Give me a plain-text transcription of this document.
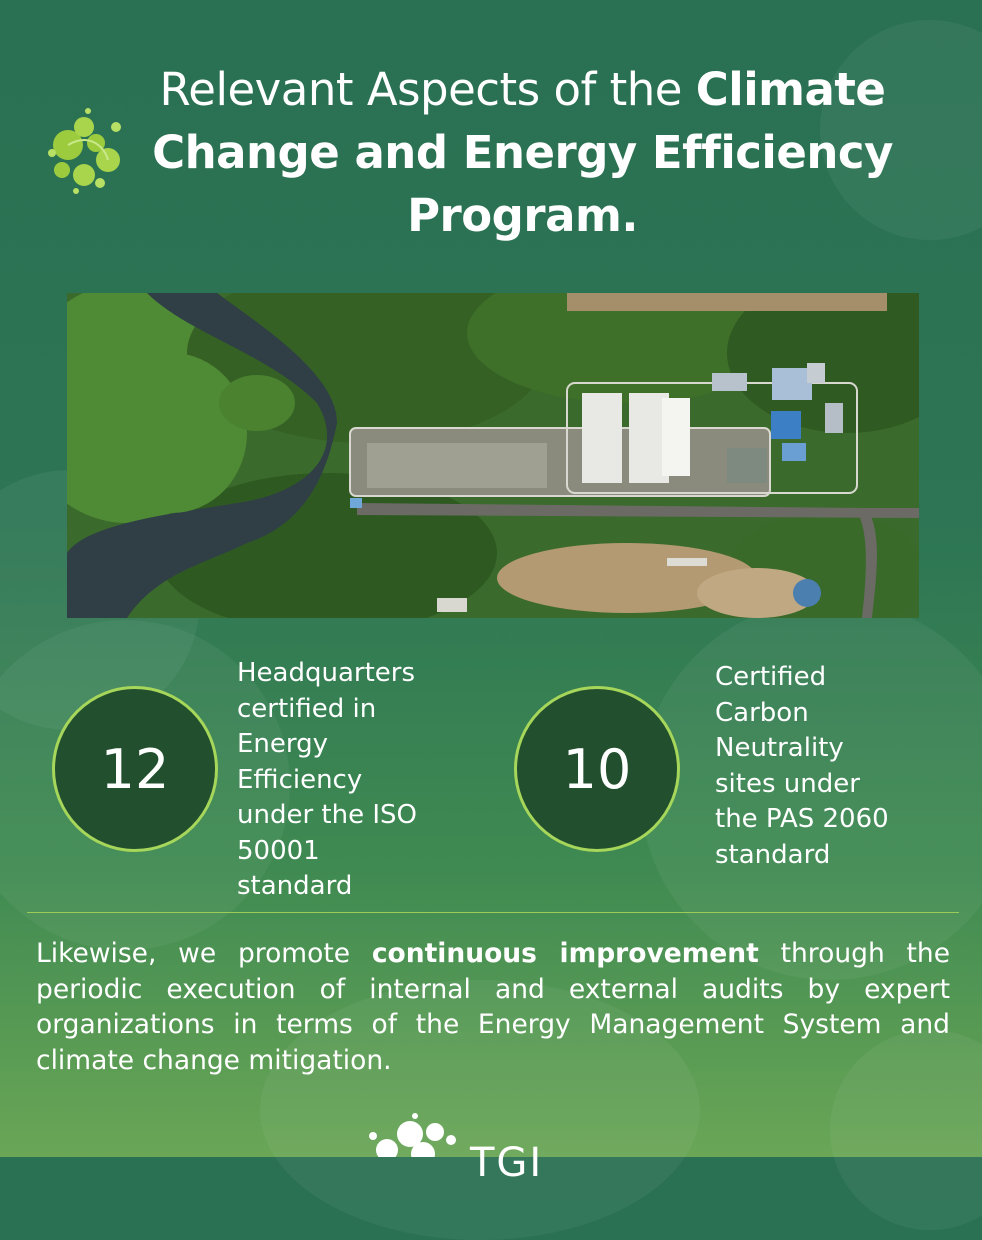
Relevant Aspects of the Climate Change and Energy Efficiency Program.
12
Headquarters certified in Energy Efficiency under the ISO 50001 standard
10
Certified Carbon Neutrality sites under the PAS 2060 standard
Likewise, we promote continuous improvement through the periodic execution of internal and external audits by expert organizations in terms of the Energy Management System and climate change mitigation.
TGI
